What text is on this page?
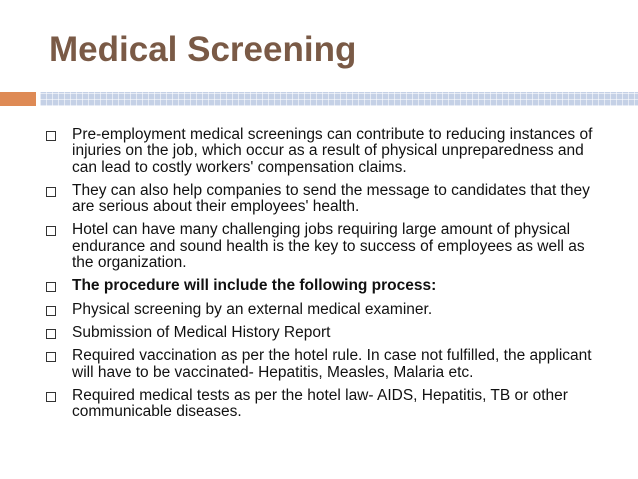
Medical Screening
Pre-employment medical screenings can contribute to reducing instances of injuries on the job, which occur as a result of physical unpreparedness and can lead to costly workers' compensation claims.
They can also help companies to send the message to candidates that they are serious about their employees' health.
Hotel can have many challenging jobs requiring large amount of physical endurance and sound health is the key to success of employees as well as the organization.
The procedure will include the following process:
Physical screening by an external medical examiner.
Submission of Medical History Report
Required vaccination as per the hotel rule. In case not fulfilled, the applicant will have to be vaccinated- Hepatitis, Measles, Malaria etc.
Required medical tests as per the hotel law- AIDS, Hepatitis, TB or other communicable diseases.
